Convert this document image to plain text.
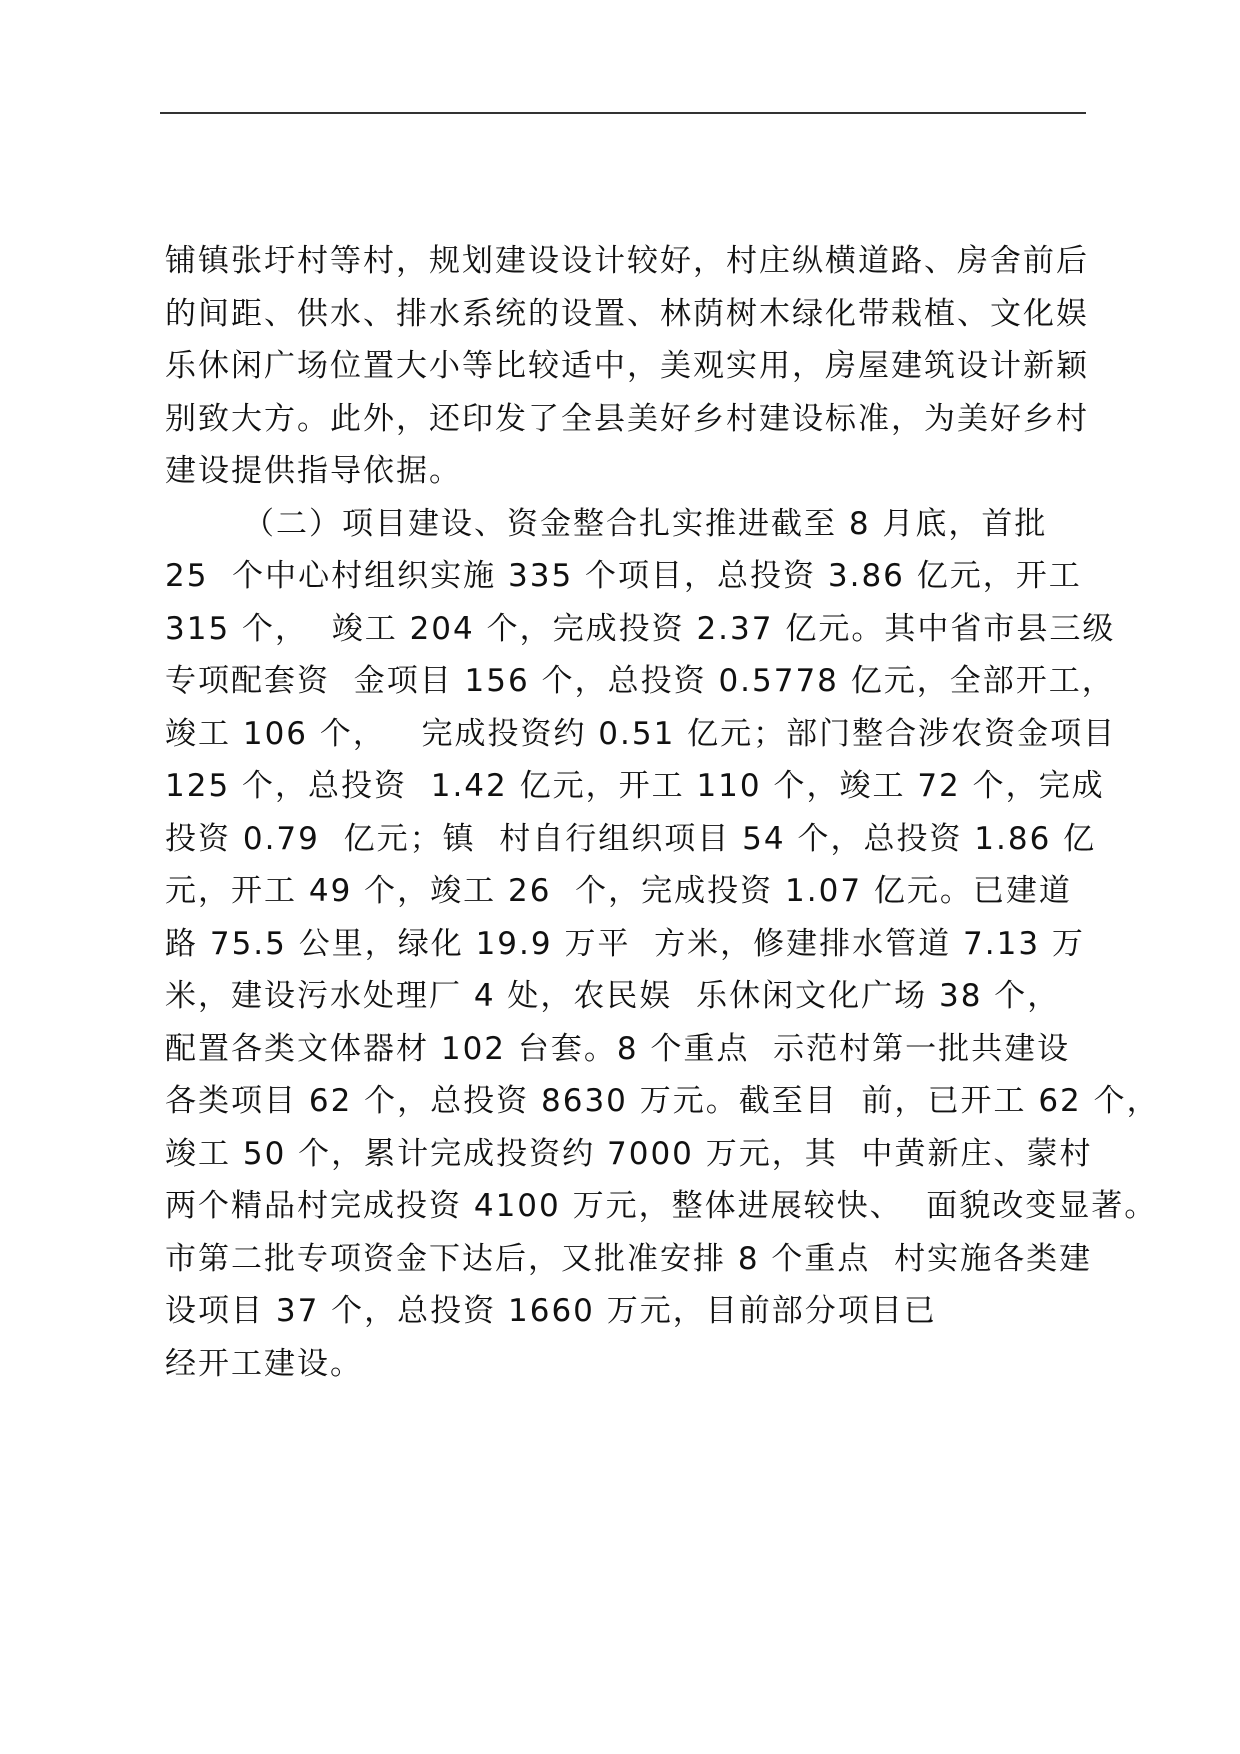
铺镇张圩村等村，规划建设设计较好，村庄纵横道路、房舍前后
的间距、供水、排水系统的设置、林荫树木绿化带栽植、文化娱
乐休闲广场位置大小等比较适中，美观实用，房屋建筑设计新颖
别致大方。此外，还印发了全县美好乡村建设标准，为美好乡村
建设提供指导依据。
（二）项目建设、资金整合扎实推进截至 8 月底，首批
25  个中心村组织实施 335 个项目，总投资 3.86 亿元，开工
315 个，  竣工 204 个，完成投资 2.37 亿元。其中省市县三级
专项配套资  金项目 156 个，总投资 0.5778 亿元，全部开工，
竣工 106 个，   完成投资约 0.51 亿元；部门整合涉农资金项目
125 个，总投资  1.42 亿元，开工 110 个，竣工 72 个，完成
投资 0.79  亿元；镇  村自行组织项目 54 个，总投资 1.86 亿
元，开工 49 个，竣工 26  个，完成投资 1.07 亿元。已建道
路 75.5 公里，绿化 19.9 万平  方米，修建排水管道 7.13 万
米，建设污水处理厂 4 处，农民娱  乐休闲文化广场 38 个，
配置各类文体器材 102 台套。8 个重点  示范村第一批共建设
各类项目 62 个，总投资 8630 万元。截至目  前，已开工 62 个，
竣工 50 个，累计完成投资约 7000 万元，其  中黄新庄、蒙村
两个精品村完成投资 4100 万元，整体进展较快、  面貌改变显著。
市第二批专项资金下达后，又批准安排 8 个重点  村实施各类建
设项目 37 个，总投资 1660 万元，目前部分项目已
经开工建设。
